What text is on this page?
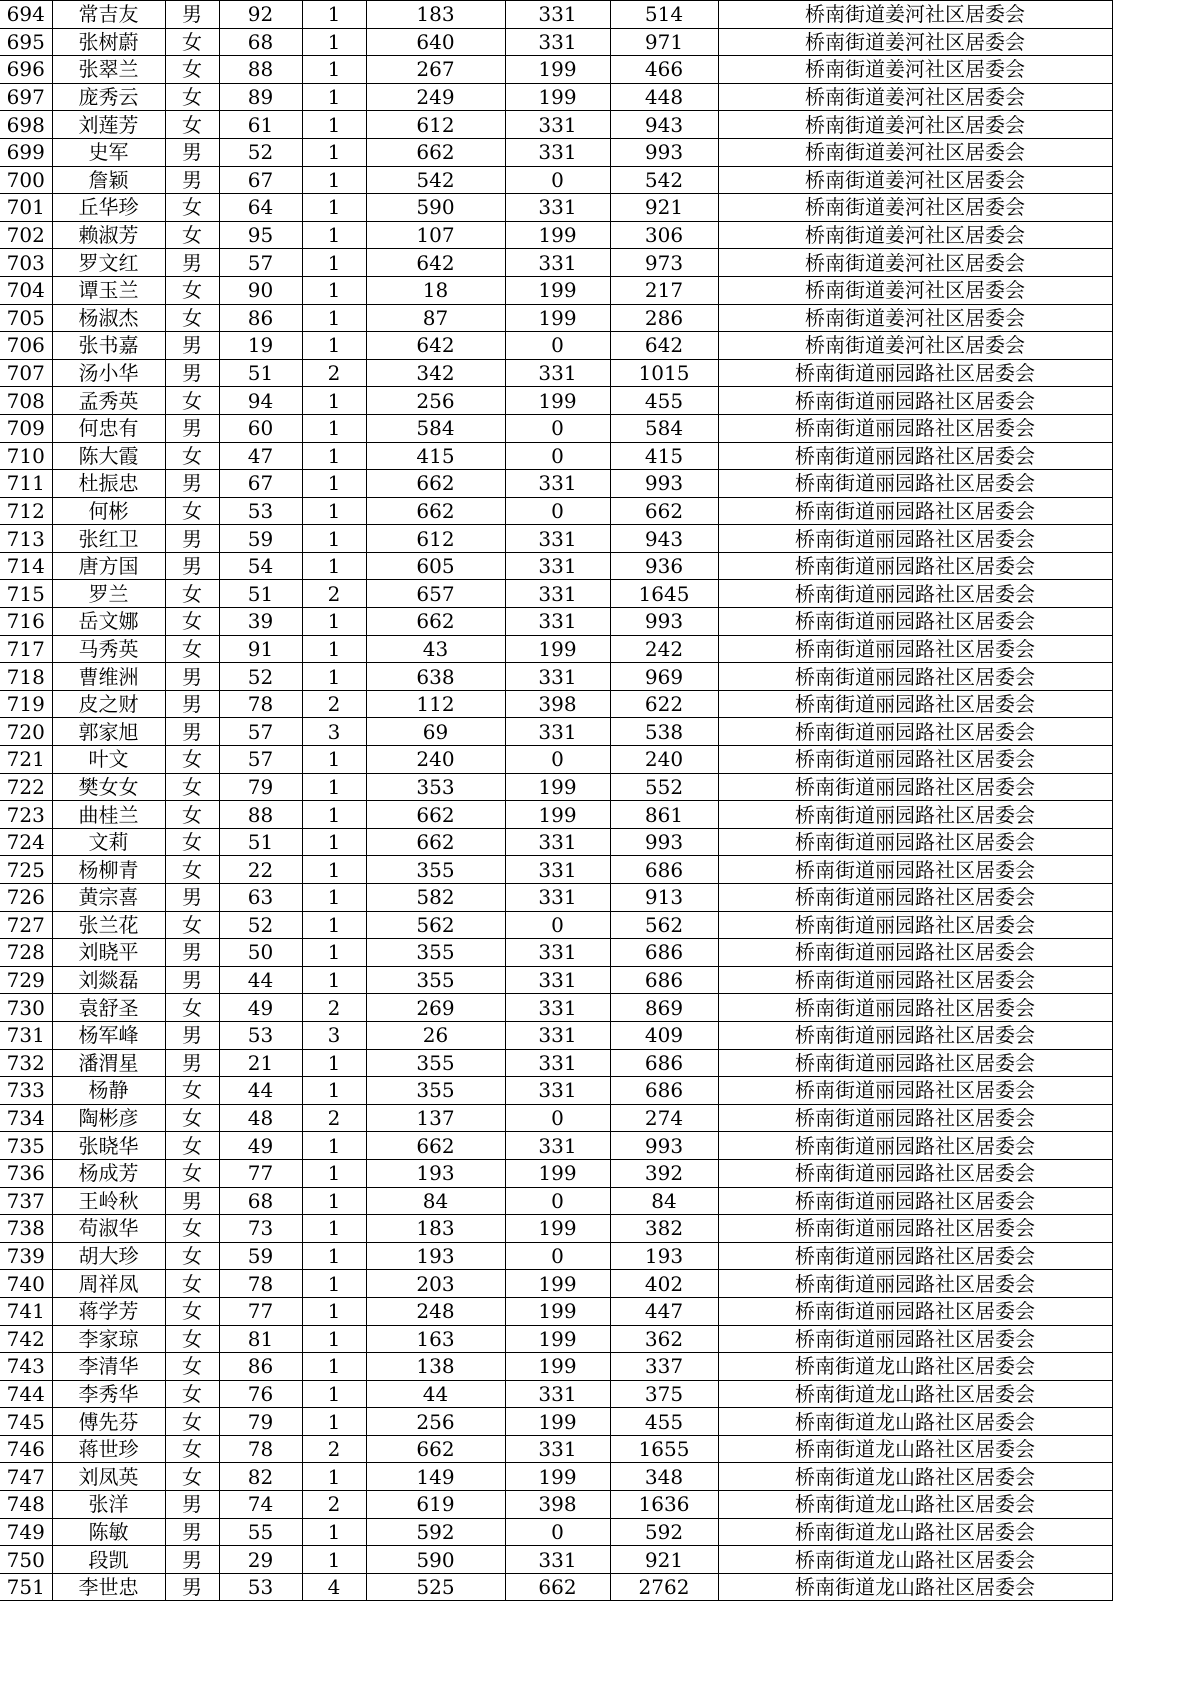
694	常吉友	男	92	1	183	331	514	桥南街道姜河社区居委会
695	张树蔚	女	68	1	640	331	971	桥南街道姜河社区居委会
696	张翠兰	女	88	1	267	199	466	桥南街道姜河社区居委会
697	庞秀云	女	89	1	249	199	448	桥南街道姜河社区居委会
698	刘莲芳	女	61	1	612	331	943	桥南街道姜河社区居委会
699	史军	男	52	1	662	331	993	桥南街道姜河社区居委会
700	詹颖	男	67	1	542	0	542	桥南街道姜河社区居委会
701	丘华珍	女	64	1	590	331	921	桥南街道姜河社区居委会
702	赖淑芳	女	95	1	107	199	306	桥南街道姜河社区居委会
703	罗文红	男	57	1	642	331	973	桥南街道姜河社区居委会
704	谭玉兰	女	90	1	18	199	217	桥南街道姜河社区居委会
705	杨淑杰	女	86	1	87	199	286	桥南街道姜河社区居委会
706	张书嘉	男	19	1	642	0	642	桥南街道姜河社区居委会
707	汤小华	男	51	2	342	331	1015	桥南街道丽园路社区居委会
708	孟秀英	女	94	1	256	199	455	桥南街道丽园路社区居委会
709	何忠有	男	60	1	584	0	584	桥南街道丽园路社区居委会
710	陈大霞	女	47	1	415	0	415	桥南街道丽园路社区居委会
711	杜振忠	男	67	1	662	331	993	桥南街道丽园路社区居委会
712	何彬	女	53	1	662	0	662	桥南街道丽园路社区居委会
713	张红卫	男	59	1	612	331	943	桥南街道丽园路社区居委会
714	唐方国	男	54	1	605	331	936	桥南街道丽园路社区居委会
715	罗兰	女	51	2	657	331	1645	桥南街道丽园路社区居委会
716	岳文娜	女	39	1	662	331	993	桥南街道丽园路社区居委会
717	马秀英	女	91	1	43	199	242	桥南街道丽园路社区居委会
718	曹维洲	男	52	1	638	331	969	桥南街道丽园路社区居委会
719	皮之财	男	78	2	112	398	622	桥南街道丽园路社区居委会
720	郭家旭	男	57	3	69	331	538	桥南街道丽园路社区居委会
721	叶文	女	57	1	240	0	240	桥南街道丽园路社区居委会
722	樊女女	女	79	1	353	199	552	桥南街道丽园路社区居委会
723	曲桂兰	女	88	1	662	199	861	桥南街道丽园路社区居委会
724	文莉	女	51	1	662	331	993	桥南街道丽园路社区居委会
725	杨柳青	女	22	1	355	331	686	桥南街道丽园路社区居委会
726	黄宗喜	男	63	1	582	331	913	桥南街道丽园路社区居委会
727	张兰花	女	52	1	562	0	562	桥南街道丽园路社区居委会
728	刘晓平	男	50	1	355	331	686	桥南街道丽园路社区居委会
729	刘燚磊	男	44	1	355	331	686	桥南街道丽园路社区居委会
730	袁舒圣	女	49	2	269	331	869	桥南街道丽园路社区居委会
731	杨军峰	男	53	3	26	331	409	桥南街道丽园路社区居委会
732	潘渭星	男	21	1	355	331	686	桥南街道丽园路社区居委会
733	杨静	女	44	1	355	331	686	桥南街道丽园路社区居委会
734	陶彬彦	女	48	2	137	0	274	桥南街道丽园路社区居委会
735	张晓华	女	49	1	662	331	993	桥南街道丽园路社区居委会
736	杨成芳	女	77	1	193	199	392	桥南街道丽园路社区居委会
737	王岭秋	男	68	1	84	0	84	桥南街道丽园路社区居委会
738	苟淑华	女	73	1	183	199	382	桥南街道丽园路社区居委会
739	胡大珍	女	59	1	193	0	193	桥南街道丽园路社区居委会
740	周祥凤	女	78	1	203	199	402	桥南街道丽园路社区居委会
741	蒋学芳	女	77	1	248	199	447	桥南街道丽园路社区居委会
742	李家琼	女	81	1	163	199	362	桥南街道丽园路社区居委会
743	李清华	女	86	1	138	199	337	桥南街道龙山路社区居委会
744	李秀华	女	76	1	44	331	375	桥南街道龙山路社区居委会
745	傅先芬	女	79	1	256	199	455	桥南街道龙山路社区居委会
746	蒋世珍	女	78	2	662	331	1655	桥南街道龙山路社区居委会
747	刘凤英	女	82	1	149	199	348	桥南街道龙山路社区居委会
748	张洋	男	74	2	619	398	1636	桥南街道龙山路社区居委会
749	陈敏	男	55	1	592	0	592	桥南街道龙山路社区居委会
750	段凯	男	29	1	590	331	921	桥南街道龙山路社区居委会
751	李世忠	男	53	4	525	662	2762	桥南街道龙山路社区居委会
